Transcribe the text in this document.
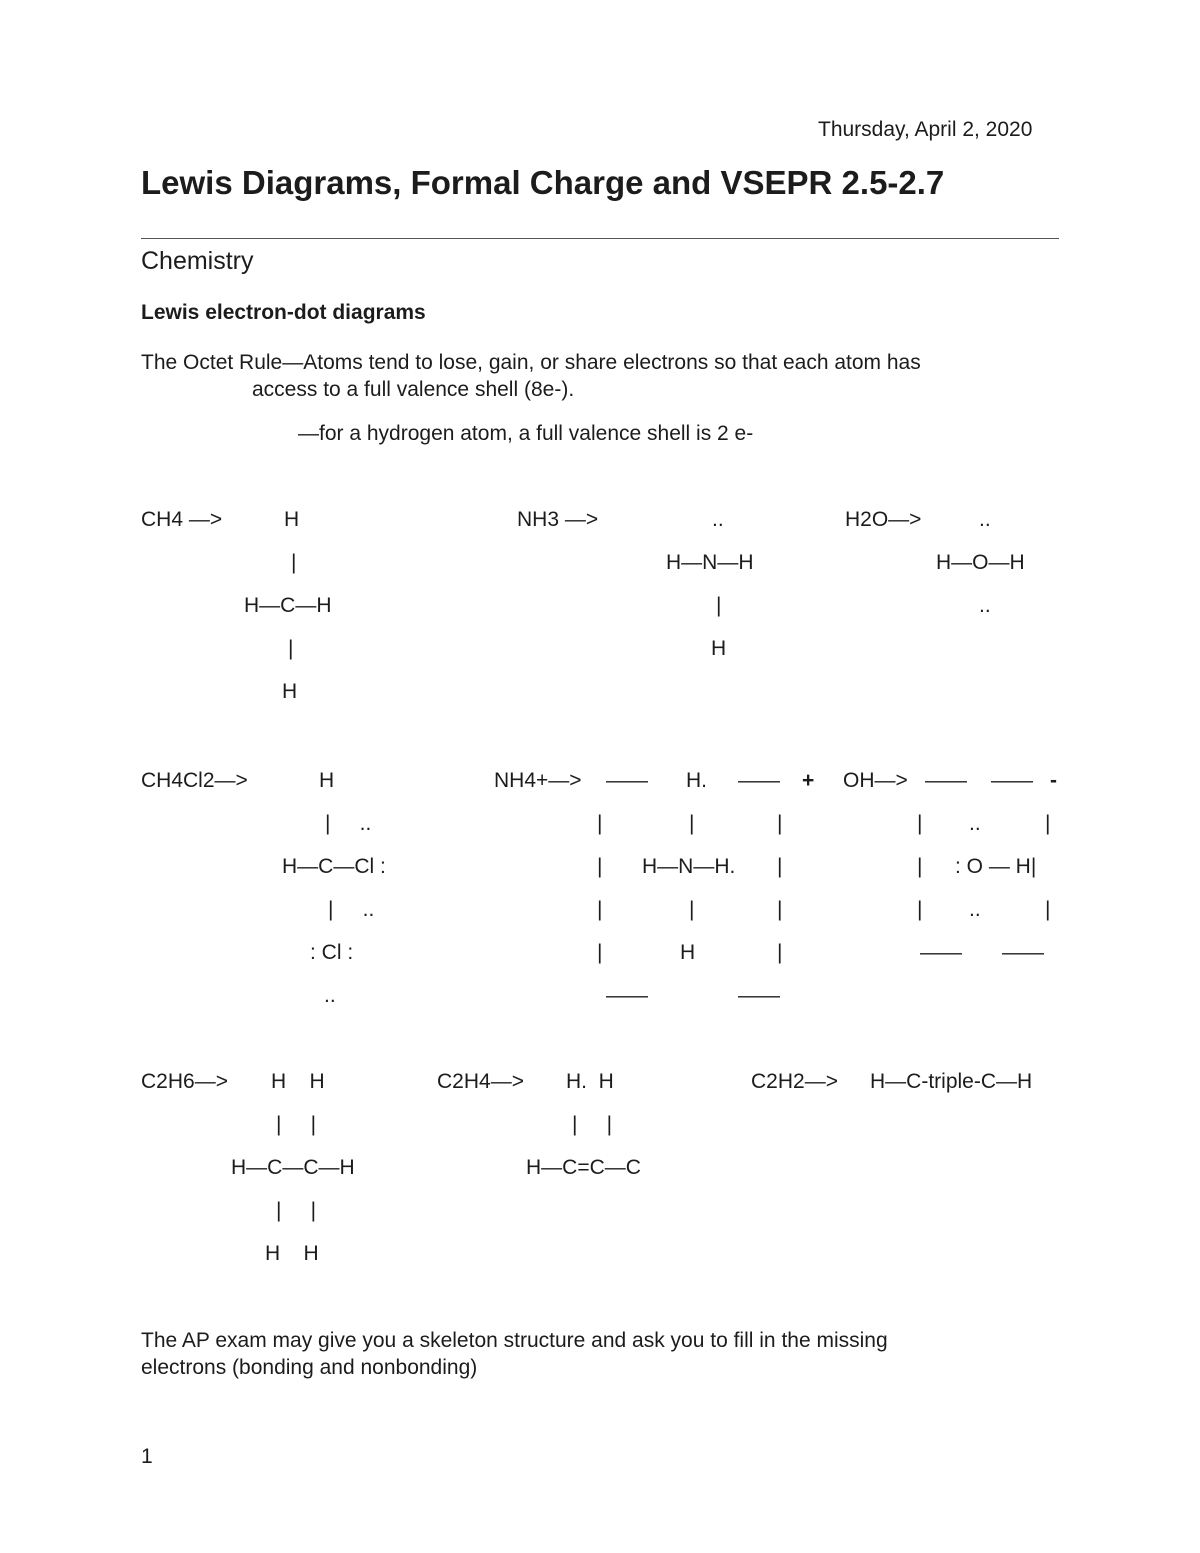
Thursday, April 2, 2020
Lewis Diagrams, Formal Charge and VSEPR 2.5-2.7
Chemistry
Lewis electron-dot diagrams
The Octet Rule—Atoms tend to lose, gain, or share electrons so that each atom has
access to a full valence shell (8e-).
—for a hydrogen atom, a full valence shell is 2 e-
CH4 —>	H
|
H—C—H
|
H
NH3 —>	..
H—N—H
|
H
H2O—>	..
H—O—H
..
CH4Cl2—>	H
|     ..
H—C—Cl :
|     ..
: Cl :
..
NH4+—> —— H. —— +
|	|	|
| H—N—H. |
|	|	|
|	H	|
——	——
OH—> —— —— -
| ..	|
| : O — H|
| ..	|
—— ——
C2H6—> H    H
|     |
H—C—C—H
|     |
H    H
C2H4—> H.  H
|     |
H—C=C—C
C2H2—> H—C-triple-C—H
The AP exam may give you a skeleton structure and ask you to fill in the missing
electrons (bonding and nonbonding)
1
